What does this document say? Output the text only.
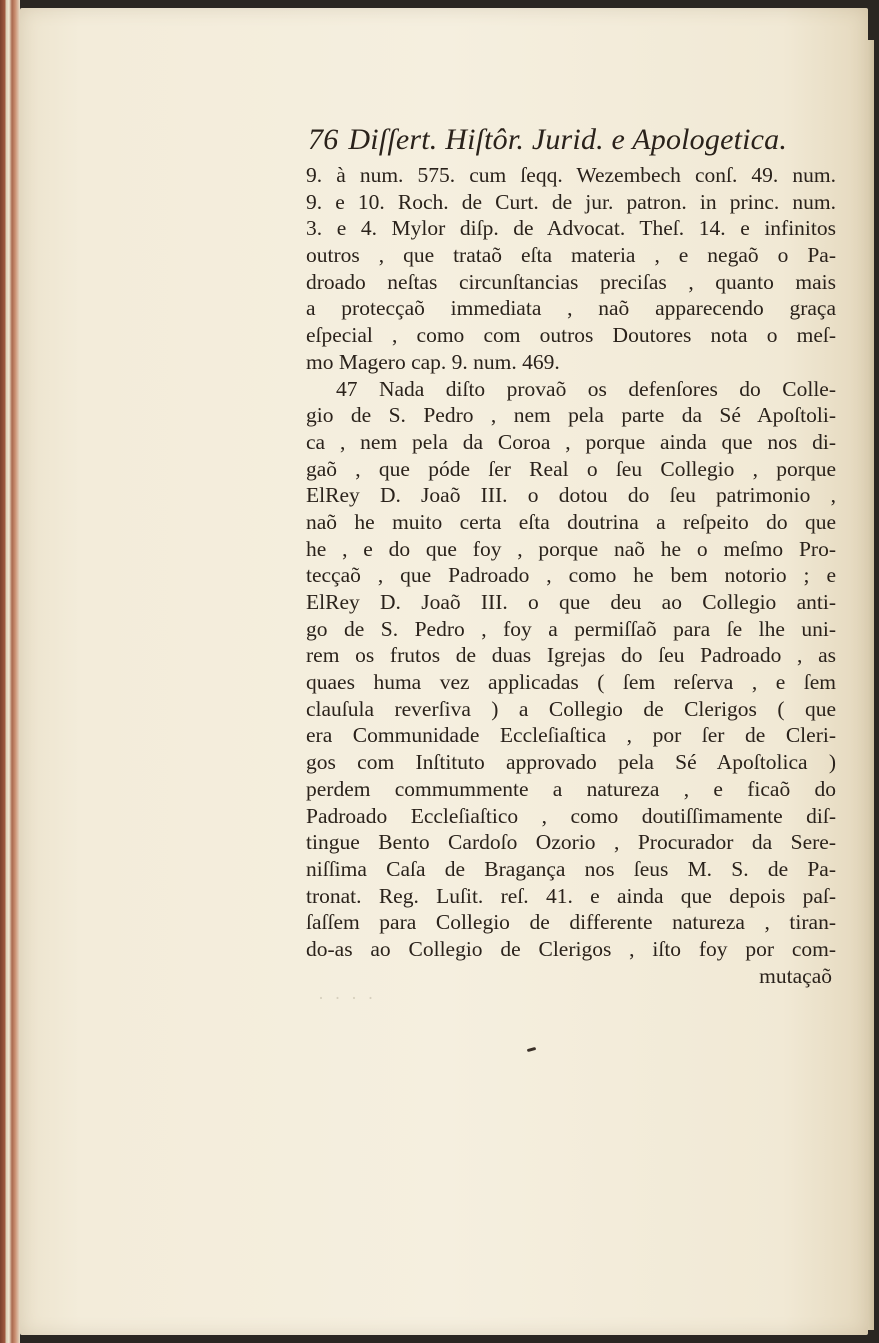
· · · ·
76 Diſſert. Hiſtôr. Jurid. e Apologetica.
9. à num. 575. cum ſeqq. Wezembech conſ. 49. num.
9. e 10. Roch. de Curt. de jur. patron. in princ. num.
3. e 4. Mylor diſp. de Advocat. Theſ. 14. e infinitos
outros , que trataõ eſta materia , e negaõ o Pa-
droado neſtas circunſtancias preciſas , quanto mais
a protecçaõ immediata , naõ apparecendo graça
eſpecial , como com outros Doutores nota o meſ-
mo Magero cap. 9. num. 469.
47 Nada diſto provaõ os defenſores do Colle-
gio de S. Pedro , nem pela parte da Sé Apoſtoli-
ca , nem pela da Coroa , porque ainda que nos di-
gaõ , que póde ſer Real o ſeu Collegio , porque
ElRey D. Joaõ III. o dotou do ſeu patrimonio ,
naõ he muito certa eſta doutrina a reſpeito do que
he , e do que foy , porque naõ he o meſmo Pro-
tecçaõ , que Padroado , como he bem notorio ; e
ElRey D. Joaõ III. o que deu ao Collegio anti-
go de S. Pedro , foy a permiſſaõ para ſe lhe uni-
rem os frutos de duas Igrejas do ſeu Padroado , as
quaes huma vez applicadas ( ſem reſerva , e ſem
clauſula reverſiva ) a Collegio de Clerigos ( que
era Communidade Eccleſiaſtica , por ſer de Cleri-
gos com Inſtituto approvado pela Sé Apoſtolica )
perdem commummente a natureza , e ficaõ do
Padroado Eccleſiaſtico , como doutiſſimamente diſ-
tingue Bento Cardoſo Ozorio , Procurador da Sere-
niſſima Caſa de Bragança nos ſeus M. S. de Pa-
tronat. Reg. Luſit. reſ. 41. e ainda que depois paſ-
ſaſſem para Collegio de differente natureza , tiran-
do-as ao Collegio de Clerigos , iſto foy por com-
mutaçaõ
